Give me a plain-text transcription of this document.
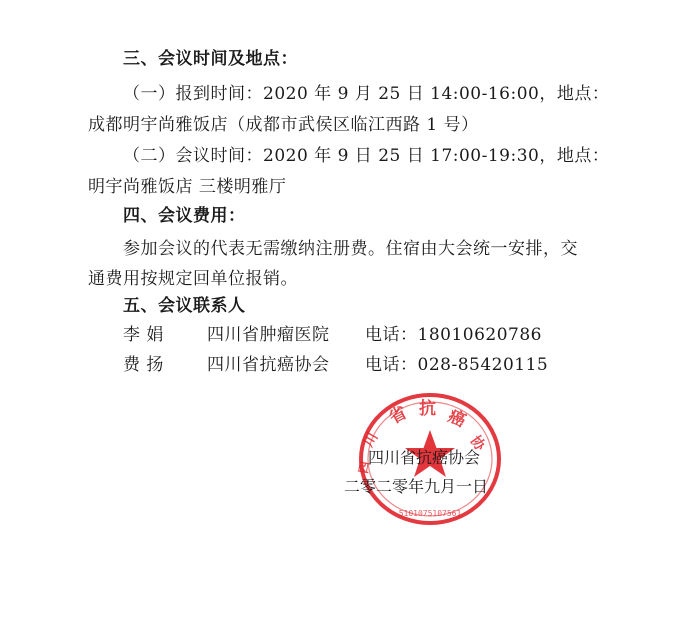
三、会议时间及地点：
（一）报到时间：2020 年 9 月 25 日 14:00-16:00，地点：
成都明宇尚雅饭店（成都市武侯区临江西路 1 号）
（二）会议时间：2020 年 9 日 25 日 17:00-19:30，地点：
明宇尚雅饭店 三楼明雅厅
四、会议费用：
参加会议的代表无需缴纳注册费。住宿由大会统一安排，交
通费用按规定回单位报销。
五、会议联系人
李 娟	四川省肿瘤医院 电话：18010620786
费 扬	四川省抗癌协会 电话：028-85420115
省 抗 癌
协
川
四
5101075107561
四川省抗癌协会
二零二零年九月一日
